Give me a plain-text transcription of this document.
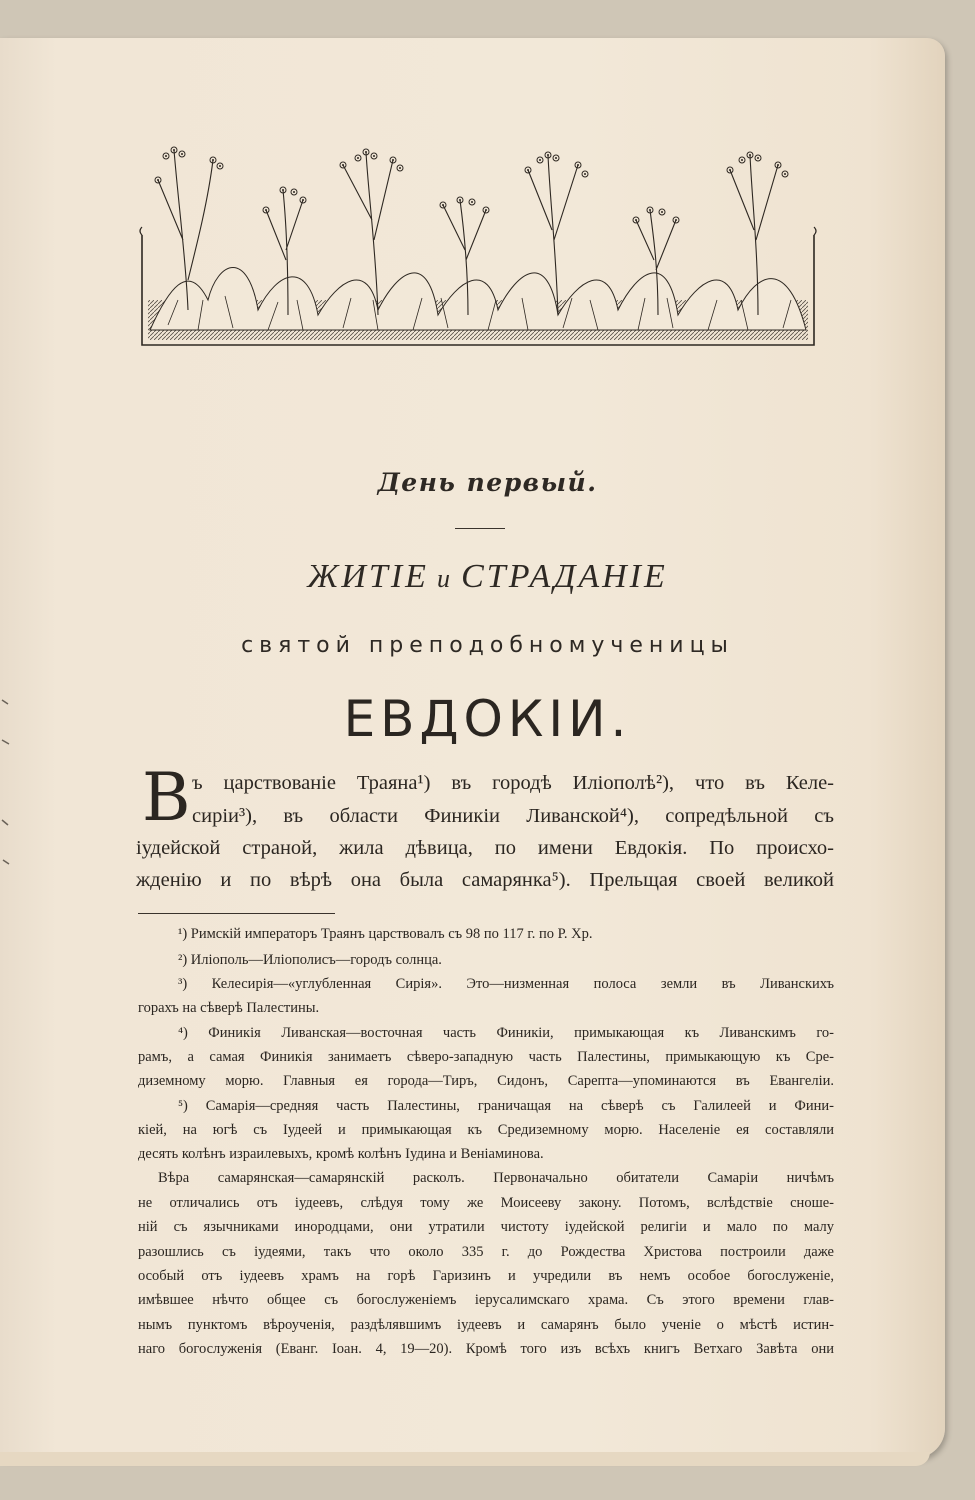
День первый.
ЖИТІЕ и СТРАДАНІЕ
святой преподобномученицы
ЕВДОКІИ.
В ъ царствованіе Траяна¹) въ городѣ Иліополѣ²), что въ Келе-
сиріи³), въ области Финикіи Ливанской⁴), сопредѣльной съ
іудейской страной, жила дѣвица, по имени Евдокія. По происхо-
жденію и по вѣрѣ она была самарянка⁵). Прельщая своей великой
¹) Римскій императоръ Траянъ царствовалъ съ 98 по 117 г. по Р. Хр.
²) Иліополь—Иліополисъ—городъ солнца.
³) Келесирія—«углубленная Сирія». Это—низменная полоса земли въ Ливанскихъ
горахъ на сѣверѣ Палестины.
⁴) Финикія Ливанская—восточная часть Финикіи, примыкающая къ Ливанскимъ го-
рамъ, а самая Финикія занимаетъ сѣверо-западную часть Палестины, примыкающую къ Сре-
диземному морю. Главныя ея города—Тиръ, Сидонъ, Сарепта—упоминаются въ Евангеліи.
⁵) Самарія—средняя часть Палестины, граничащая на сѣверѣ съ Галилеей и Фини-
кіей, на югѣ съ Іудеей и примыкающая къ Средиземному морю. Населеніе ея составляли
десять колѣнъ израилевыхъ, кромѣ колѣнъ Іудина и Веніаминова.
Вѣра самарянская—самарянскій расколъ. Первоначально обитатели Самаріи ничѣмъ
не отличались отъ іудеевъ, слѣдуя тому же Моисееву закону. Потомъ, вслѣдствіе сноше-
ній съ язычниками инородцами, они утратили чистоту іудейской религіи и мало по малу
разошлись съ іудеями, такъ что около 335 г. до Рождества Христова построили даже
особый отъ іудеевъ храмъ на горѣ Гаризинъ и учредили въ немъ особое богослуженіе,
имѣвшее нѣчто общее съ богослуженіемъ іерусалимскаго храма. Съ этого времени глав-
нымъ пунктомъ вѣроученія, раздѣлявшимъ іудеевъ и самарянъ было ученіе о мѣстѣ истин-
наго богослуженія (Еванг. Іоан. 4, 19—20). Кромѣ того изъ всѣхъ книгъ Ветхаго Завѣта они
